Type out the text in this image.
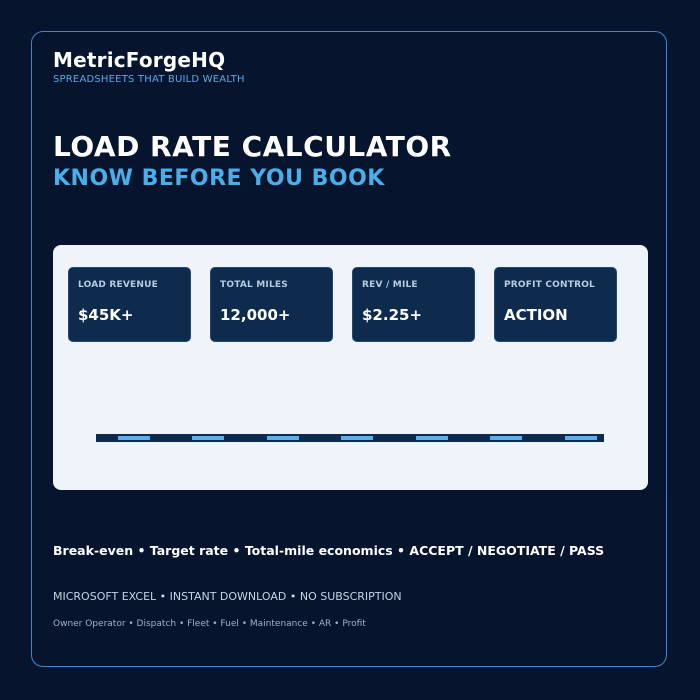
MetricForgeHQ
SPREADSHEETS THAT BUILD WEALTH
LOAD RATE CALCULATOR
KNOW BEFORE YOU BOOK
LOAD REVENUE
$45K+
TOTAL MILES
12,000+
REV / MILE
$2.25+
PROFIT CONTROL
ACTION
Break-even • Target rate • Total-mile economics • ACCEPT / NEGOTIATE / PASS
MICROSOFT EXCEL • INSTANT DOWNLOAD • NO SUBSCRIPTION
Owner Operator • Dispatch • Fleet • Fuel • Maintenance • AR • Profit
